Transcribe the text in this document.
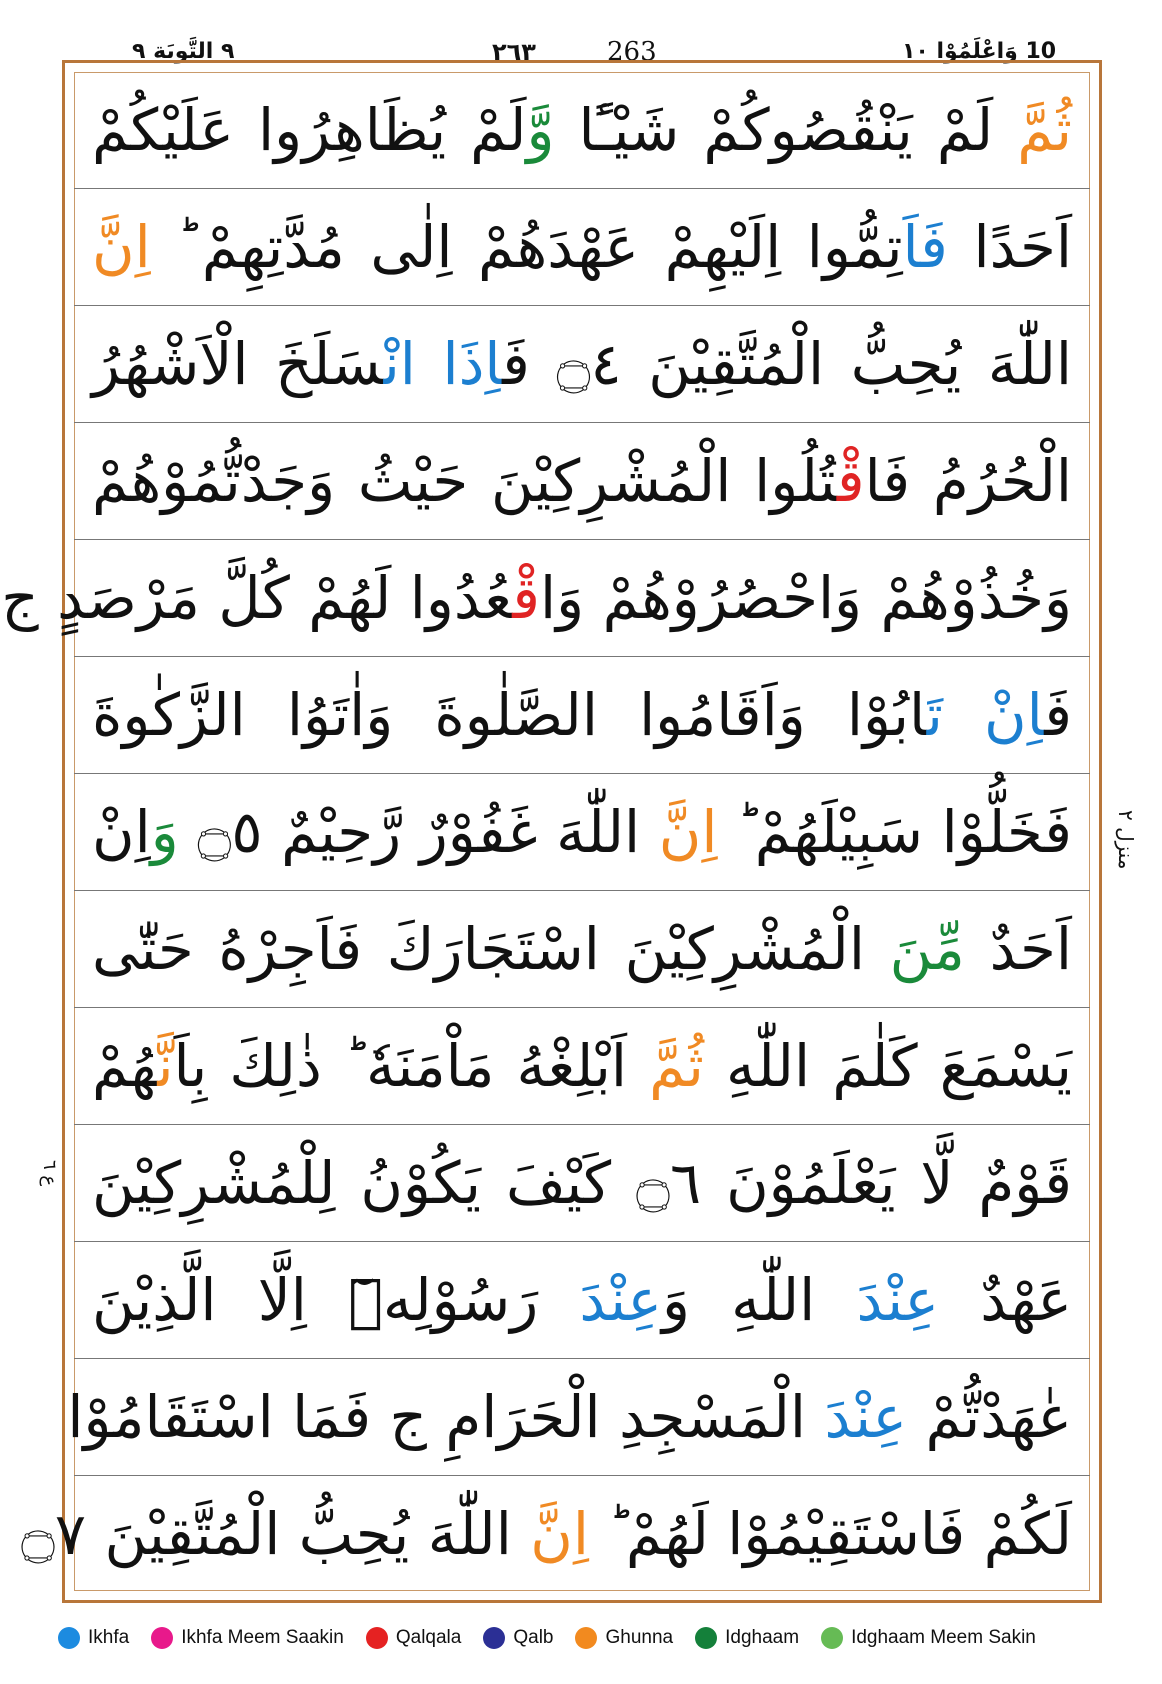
٩ التَّوبَة ٩	٢٦٣	263	10 وَاعْلَمُوْا ١٠
ثُمَّ لَمْ يَنْقُصُوكُمْ شَيْـًٔا وَّلَمْ يُظَاهِرُوا عَلَيْكُمْ
اَحَدًا فَاَتِمُّوا اِلَيْهِمْ عَهْدَهُمْ اِلٰى مُدَّتِهِمْ ؕ اِنَّ
اللّٰهَ يُحِبُّ الْمُتَّقِيْنَ ۝٤ فَاِذَا انْسَلَخَ الْاَشْهُرُ
الْحُرُمُ فَاقْتُلُوا الْمُشْرِكِيْنَ حَيْثُ وَجَدْتُّمُوْهُمْ
وَخُذُوْهُمْ وَاحْصُرُوْهُمْ وَاقْعُدُوا لَهُمْ كُلَّ مَرْصَدٍ ج
فَاِنْ تَابُوْا وَاَقَامُوا الصَّلٰوةَ وَاٰتَوُا الزَّكٰوةَ
فَخَلُّوْا سَبِيْلَهُمْ ؕ اِنَّ اللّٰهَ غَفُوْرٌ رَّحِيْمٌ ۝٥ وَاِنْ
اَحَدٌ مِّنَ الْمُشْرِكِيْنَ اسْتَجَارَكَ فَاَجِرْهُ حَتّٰى
يَسْمَعَ كَلٰمَ اللّٰهِ ثُمَّ اَبْلِغْهُ مَاْمَنَهٗ ؕ ذٰلِكَ بِاَنَّهُمْ
قَوْمٌ لَّا يَعْلَمُوْنَ ۝٦ كَيْفَ يَكُوْنُ لِلْمُشْرِكِيْنَ
عَهْدٌ عِنْدَ اللّٰهِ وَعِنْدَ رَسُوْلِهٖٓ اِلَّا الَّذِيْنَ
عٰهَدْتُّمْ عِنْدَ الْمَسْجِدِ الْحَرَامِ ج فَمَا اسْتَقَامُوْا
لَكُمْ فَاسْتَقِيْمُوْا لَهُمْ ؕ اِنَّ اللّٰهَ يُحِبُّ الْمُتَّقِيْنَ ۝٧
منزل ٢
ع ٦
Ikhfa	Ikhfa Meem Saakin	Qalqala	Qalb	Ghunna	Idghaam	Idghaam Meem Sakin
